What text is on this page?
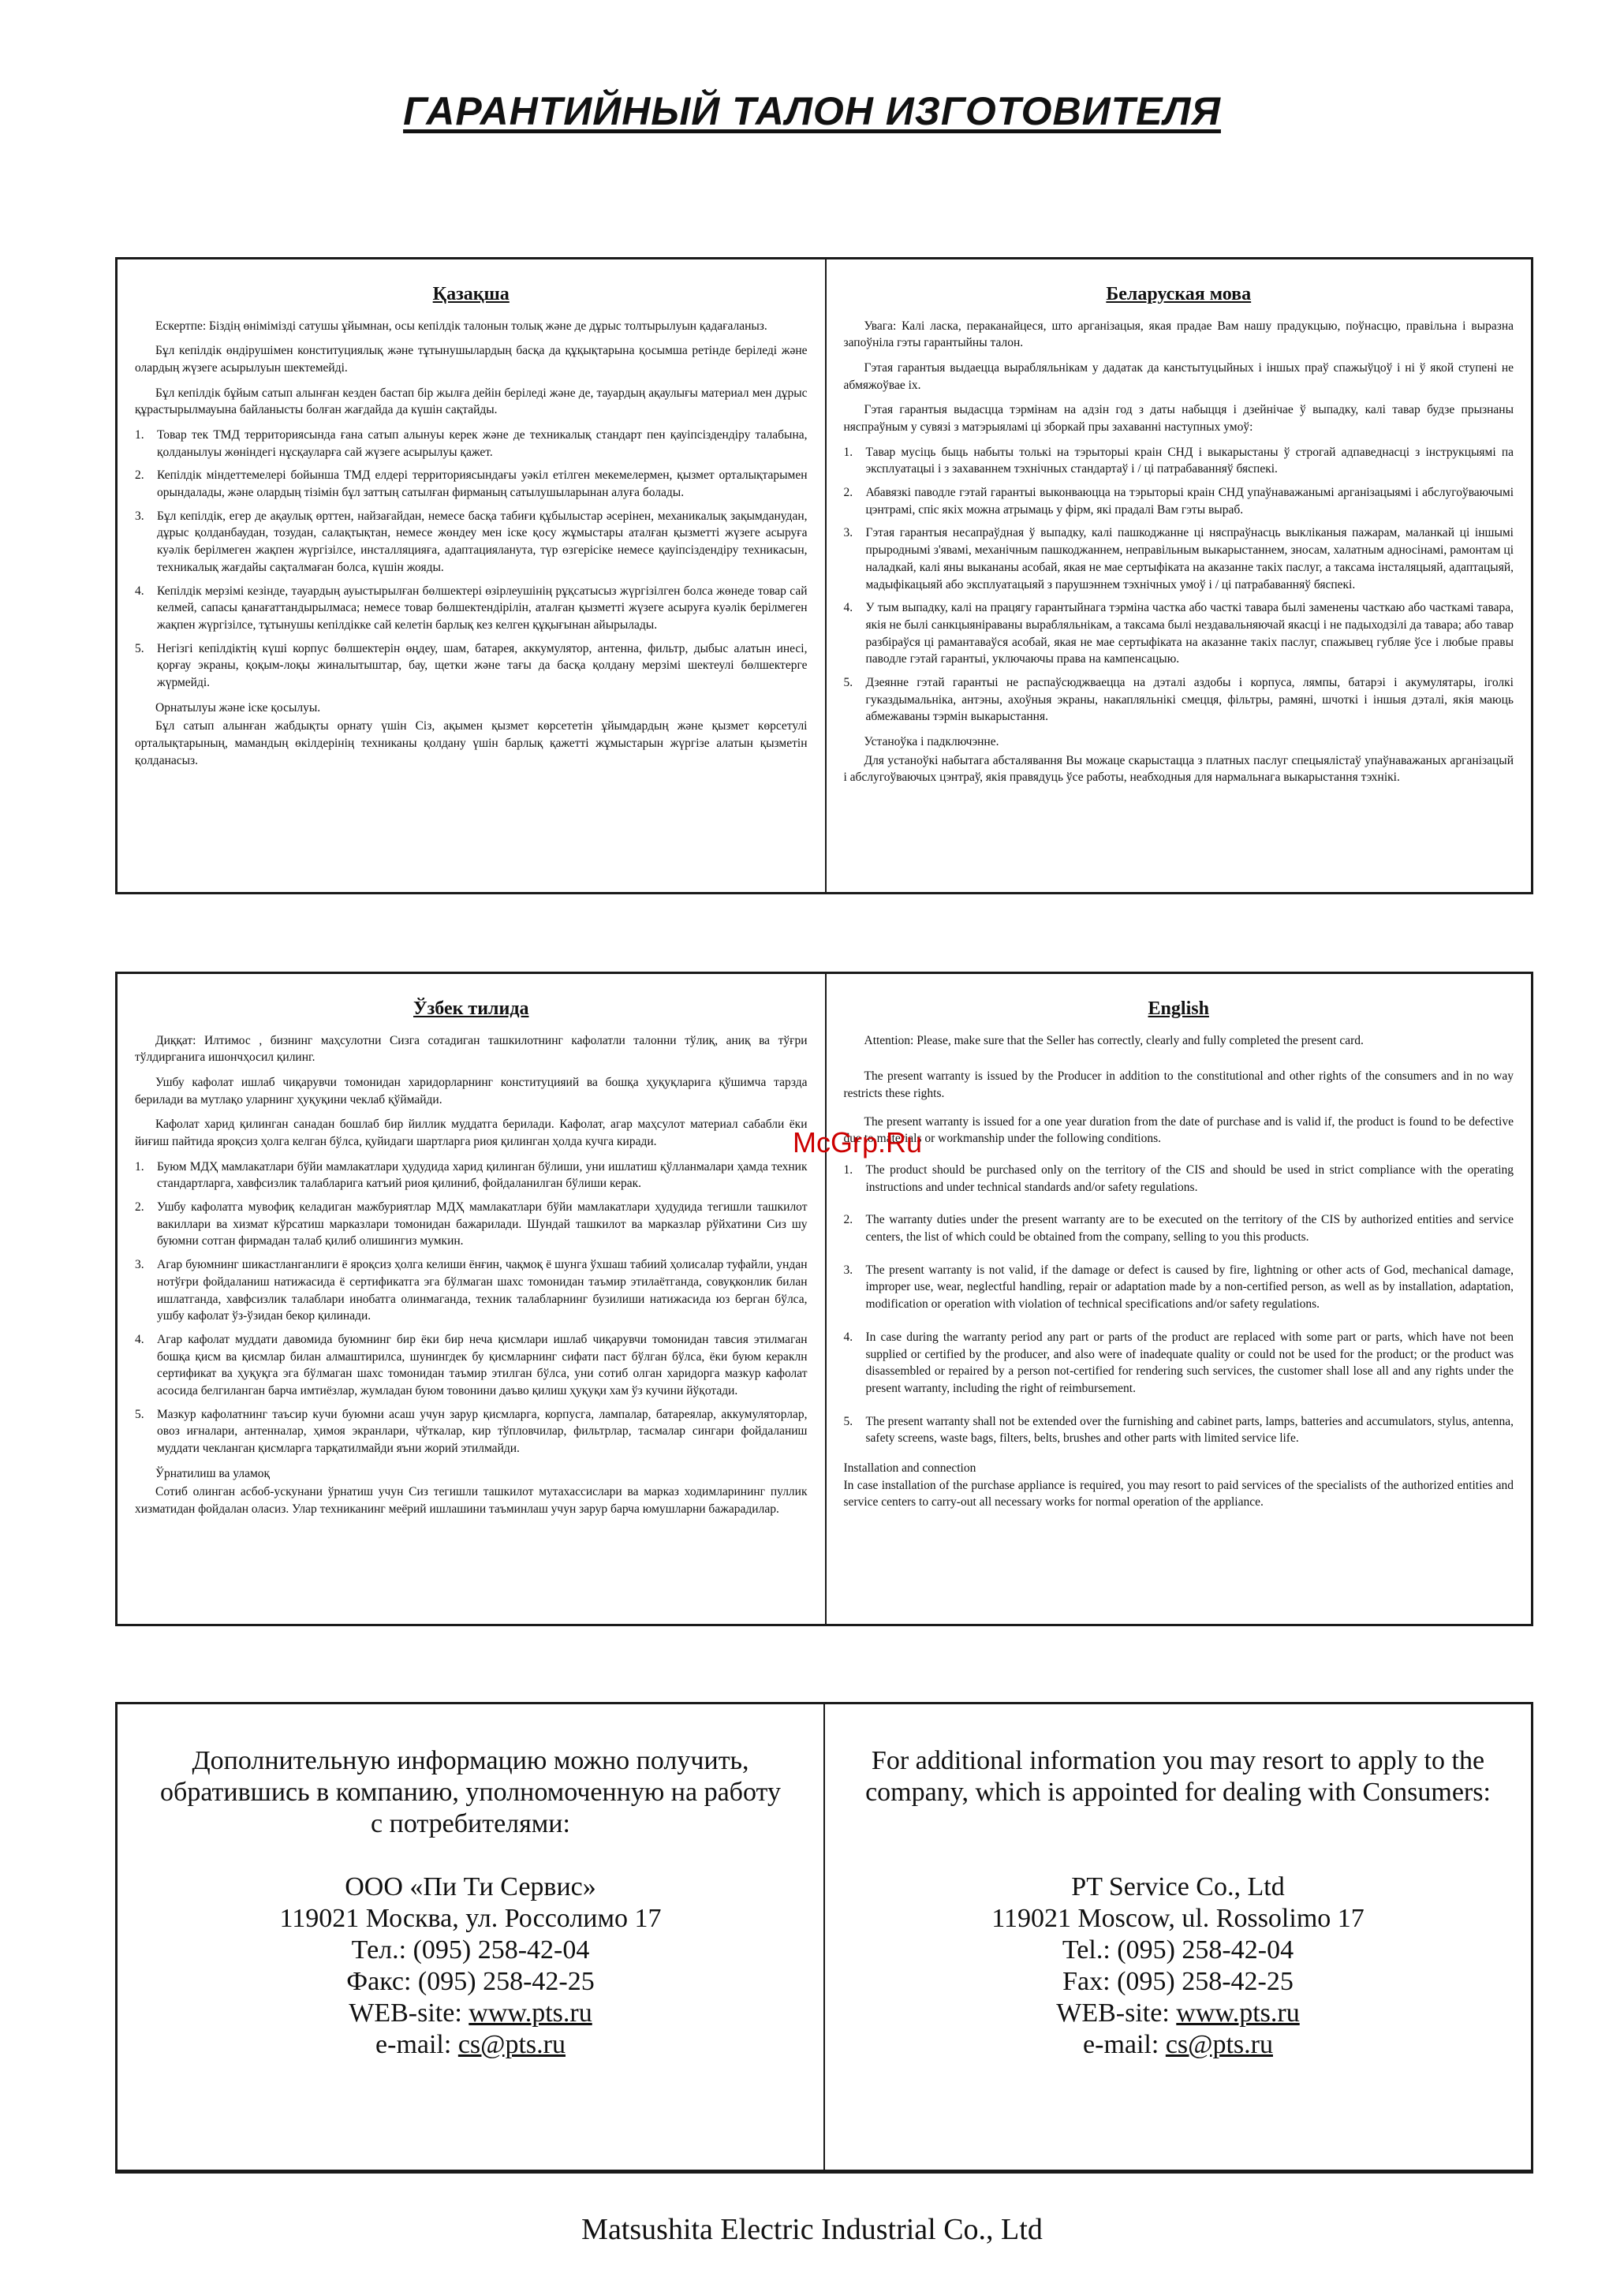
ГАРАНТИЙНЫЙ ТАЛОН ИЗГОТОВИТЕЛЯ
Қазақша

Ескертпе: Біздің өніміміздi сатушы ұйымнан, осы кепілдік талонын толық және де дұрыс толтырылуын қадағаланыз.

Бұл кепілдік өндірушімен конституциялық және тұтынушылардың басқа да құқықтарына қосымша ретінде беріледі және олардың жүзеге асырылуын шектемейді.

Бұл кепілдік бұйым сатып алынған кезден бастап бір жылға дейін беріледі және де, тауардың ақаулығы материал мен дұрыс құрастырылмауына байланысты болған жағдайда да күшін сақтайды.

1.	Товар тек ТМД территориясында ғана сатып алынуы керек және де техникалық стандарт пен қауіпсіздендіру талабына, қолданылуы жөніндегі нұсқауларға сай жүзеге асырылуы қажет.
2.	Кепілдік міндеттемелері бойынша ТМД елдері территориясындағы уәкіл етілген мекемелермен, қызмет орталықтарымен орындалады, және олардың тізімін бұл заттың сатылған фирманың сатылушыларынан алуға болады.
3.	Бұл кепілдік, егер де ақаулық өрттен, найзағайдан, немесе басқа табиғи құбылыстар әсерінен, механикалық зақымданудан, дұрыс қолданбаудан, тозудан, салақтықтан, немесе жөндеу мен іске қосу жұмыстары аталған қызметті жүзеге асыруға куәлік берілмеген жақпен жүргізілсе, инсталляцияға, адаптацияланута, түр өзгерісіке немесе қауіпсіздендіру техникасын, техникалық жағдайы сақталмаған болса, күшін жояды.
4.	Кепілдік мерзімі кезінде, тауардың ауыстырылған бөлшектері өзірлеушінің рұқсатысыз жүргізілген болса жөнеде товар сай келмей, сапасы қанағаттандырылмаса; немесе товар бөлшектендірілін, аталған қызметті жүзеге асыруға куәлік берілмеген жақпен жүргізілсе, тұтынушы кепілдікке сай келетін барлық кез келген құқығынан айырылады.
5.	Негізгі кепілдіктің күші корпус бөлшектерін өңдеу, шам, батарея, аккумулятор, антенна, фильтр, дыбыс алатын инесі, қорғау экраны, қоқым-лоқы жиналытыштар, бау, щетки және тағы да басқа қолдану мерзімі шектеулі бөлшектерге жүрмейді.

Орнатылуы және іске қосылуы.

Бұл сатып алынған жабдықты орнату үшін Сіз, ақымен қызмет көрсететін ұйымдардың және қызмет көрсетулі орталықтарының, мамандың өкілдерінің техниканы қолдану үшін барлық қажетті жұмыстарын жүргізе алатын қызметін қолданасыз.

Беларуская мова

Увага: Калі ласка, пераканайцеся, што арганізацыя, якая прадае Вам нашу прадукцыю, поўнасцю, правільна і выразна запоўніла гэты гарантыйны талон.

Гэтая гарантыя выдаецца вырабляльнікам у дадатак да канстытуцыйных і іншых праў спажыўцоў і ні ў якой ступені не абмяжоўвае іх.

Гэтая гарантыя выдасцца тэрмінам на адзін год з даты набыцця і дзейнічае ў выпадку, калі тавар будзе прызнаны няспраўным у сувязі з матэрыяламі ці зборкай пры захаванні наступных умоў:

1.	Тавар мусіць быць набыты толькі на тэрыторыі краін СНД і выкарыстаны ў строгай адпаведнасці з інструкцыямі па эксплуатацыі і з захаваннем тэхнічных стандартаў і / ці патрабаванняў бяспекі.
2.	Абавязкі паводле гэтай гарантыі выконваюцца на тэрыторыі краін СНД упаўнаважанымі арганізацыямі і абслугоўваючымі цэнтрамі, спіс якіх можна атрымаць у фірм, які прадалі Вам гэты выраб.
3.	Гэтая гарантыя несапраўдная ў выпадку, калі пашкоджанне ці няспраўнасць выкліканыя пажарам, маланкай ці іншымі прыроднымі з'явамі, механічным пашкоджаннем, неправільным выкарыстаннем, зносам, халатным адносінамі, рамонтам ці наладкай, калі яны выкананы асобай, якая не мае сертыфіката на аказанне такіх паслуг, а таксама інсталяцыяй, адаптацыяй, мадыфікацыяй або эксплуатацыяй з парушэннем тэхнічных умоў і / ці патрабаванняў бяспекі.
4.	У тым выпадку, калі на працягу гарантыйнага тэрміна частка або часткі тавара былі заменены часткаю або часткамі тавара, якія не былі санкцыяніраваны вырабляльнікам, а таксама былі нездавальняючай якасці і не падыходзілі да тавара; або тавар разбіраўся ці рамантаваўся асобай, якая не мае сертыфіката на аказанне такіх паслуг, спажывец губляе ўсе і любые правы паводле гэтай гарантыі, уключаючы права на кампенсацыю.
5.	Дзеянне гэтай гарантыі не распаўсюджваецца на дэталі аздобы і корпуса, лямпы, батарэі і акумулятары, іголкі гуказдымальніка, антэны, ахоўныя экраны, накапляльнікі смецця, фільтры, рамяні, шчоткі і іншыя дэталі, якія маюць абмежаваны тэрмін выкарыстання.

Устаноўка і падключэнне.

Для устаноўкі набытага абсталявання Вы можаце скарыстацца з платных паслуг спецыялістаў упаўнаважаных арганізацый і абслугоўваючых цэнтраў, якія правядуць ўсе работы, неабходныя для нармальнага выкарыстання тэхнікі.

Ўзбек тилида

Диққат: Илтимос , бизнинг маҳсулотни Сизга сотадиган ташкилотнинг кафолатли талонни тўлиқ, аниқ ва тўғри тўлдирганига ишончҳосил қилинг.

Ушбу кафолат ишлаб чиқарувчи томонидан харидорларнинг конституцияий ва бошқа ҳуқуқларига қўшимча тарзда берилади ва мутлақо уларнинг ҳуқуқини чеклаб қўймайди.

Кафолат харид қилинган санадан бошлаб бир йиллик муддатга берилади. Кафолат, агар маҳсулот материал сабабли ёки йиғиш пайтида яроқсиз ҳолга келган бўлса, қуйидаги шартларга риоя қилинган ҳолда кучга киради.

1.	Буюм МДҲ мамлакатлари бўйи мамлакатлари ҳудудида харид қилинган бўлиши, уни ишлатиш қўлланмалари ҳамда техник стандартларга, хавфсизлик талабларига катъий риоя қилиниб, фойдаланилган бўлиши керак.
2.	Ушбу кафолатга мувофиқ келадиган мажбуриятлар МДҲ мамлакатлари бўйи мамлакатлари ҳудудида тегишли ташкилот вакиллари ва хизмат кўрсатиш марказлари томонидан бажарилади. Шундай ташкилот ва марказлар рўйхатини Сиз шу буюмни сотган фирмадан талаб қилиб олишингиз мумкин.
3.	Агар буюмнинг шикастланганлиги ё яроқсиз ҳолга келиши ёнғин, чақмоқ ё шунга ўхшаш табиий ҳолисалар туфайли, ундан нотўғри фойдаланиш натижасида ё сертификатга эга бўлмаган шахс томонидан таъмир этилаётганда, совуқконлик билан ишлатганда, хавфсизлик талаблари инобатга олинмаганда, техник талабларнинг бузилиши натижасида юз берган бўлса, ушбу кафолат ўз-ўзидан бекор қилинади.
4.	Агар кафолат муддати давомида буюмнинг бир ёки бир неча қисмлари ишлаб чиқарувчи томонидан тавсия этилмаган бошқа қисм ва қисмлар билан алмаштирилса, шунингдек бу қисмларнинг сифати паст бўлган бўлса, ёки буюм кераклн сертификат ва ҳуқуқга эга бўлмаган шахс томонидан таъмир этилган бўлса, уни сотиб олган харидорга мазкур кафолат асосида белгиланган барча имтиёзлар, жумладан буюм товонини даъво қилиш ҳуқуқи хам ўз кучини йўқотади.
5.	Мазкур кафолатнинг таъсир кучи буюмни асаш учун зарур қисмларга, корпусга, лампалар, батареялар, аккумуляторлар, овоз иғналари, антенналар, ҳимоя экранлари, чўткалар, кир тўпловчилар, фильтрлар, тасмалар сингари фойдаланиш муддати чекланган қисмларга тарқатилмайди яъни жорий этилмайди.

Ўрнатилиш ва уламоқ

Сотиб олинган асбоб-ускунани ўрнатиш учун Сиз тегишли ташкилот мутахассислари ва марказ ходимларининг пуллик хизматидан фойдалан оласиз. Улар техниканинг меёрий ишлашини таъминлаш учун зарур барча юмушларни бажарадилар.

English

Attention: Please, make sure that the Seller has correctly, clearly and fully completed the present card.

The present warranty is issued by the Producer in addition to the constitutional and other rights of the consumers and in no way restricts these rights.

The present warranty is issued for a one year duration from the date of purchase and is valid if, the product is found to be defective due to materials or workmanship under the following conditions.

1.	The product should be purchased only on the territory of the CIS and should be used in strict compliance with the operating instructions and under technical standards and/or safety regulations.
2.	The warranty duties under the present warranty are to be executed on the territory of the CIS by authorized entities and service centers, the list of which could be obtained from the company, selling to you this products.
3.	The present warranty is not valid, if the damage or defect is caused by fire, lightning or other acts of God, mechanical damage, improper use, wear, neglectful handling, repair or adaptation made by a non-certified person, as well as by installation, adaptation, modification or operation with violation of technical specifications and/or safety regulations.
4.	In case during the warranty period any part or parts of the product are replaced with some part or parts, which have not been supplied or certified by the producer, and also were of inadequate quality or could not be used for the product; or the product was disassembled or repaired by a person not-certified for rendering such services, the customer shall lose all and any rights under the present warranty, including the right of reimbursement.
5.	The present warranty shall not be extended over the furnishing and cabinet parts, lamps, batteries and accumulators, stylus, antenna, safety screens, waste bags, filters, belts, brushes and other parts with limited service life.

Installation and connection

In case installation of the purchase appliance is required, you may resort to paid services of the specialists of the authorized entities and service centers to carry-out all necessary works for normal operation of the appliance.

Дополнительную информацию можно получить,
обратившись в компанию, уполномоченную на работу
с потребителями:
ООО «Пи Ти Сервис»
119021 Москва, ул. Россолимо 17
Тел.: (095) 258-42-04
Факс: (095) 258-42-25
WEB-site: www.pts.ru
e-mail: cs@pts.ru
For additional information you may resort to apply to the
company, which is appointed for dealing with Consumers:
PT Service Co., Ltd
119021 Moscow, ul. Rossolimo 17
Tel.: (095) 258-42-04
Fax: (095) 258-42-25
WEB-site: www.pts.ru
e-mail: cs@pts.ru
McGrp.Ru
Matsushita Electric Industrial Co., Ltd
